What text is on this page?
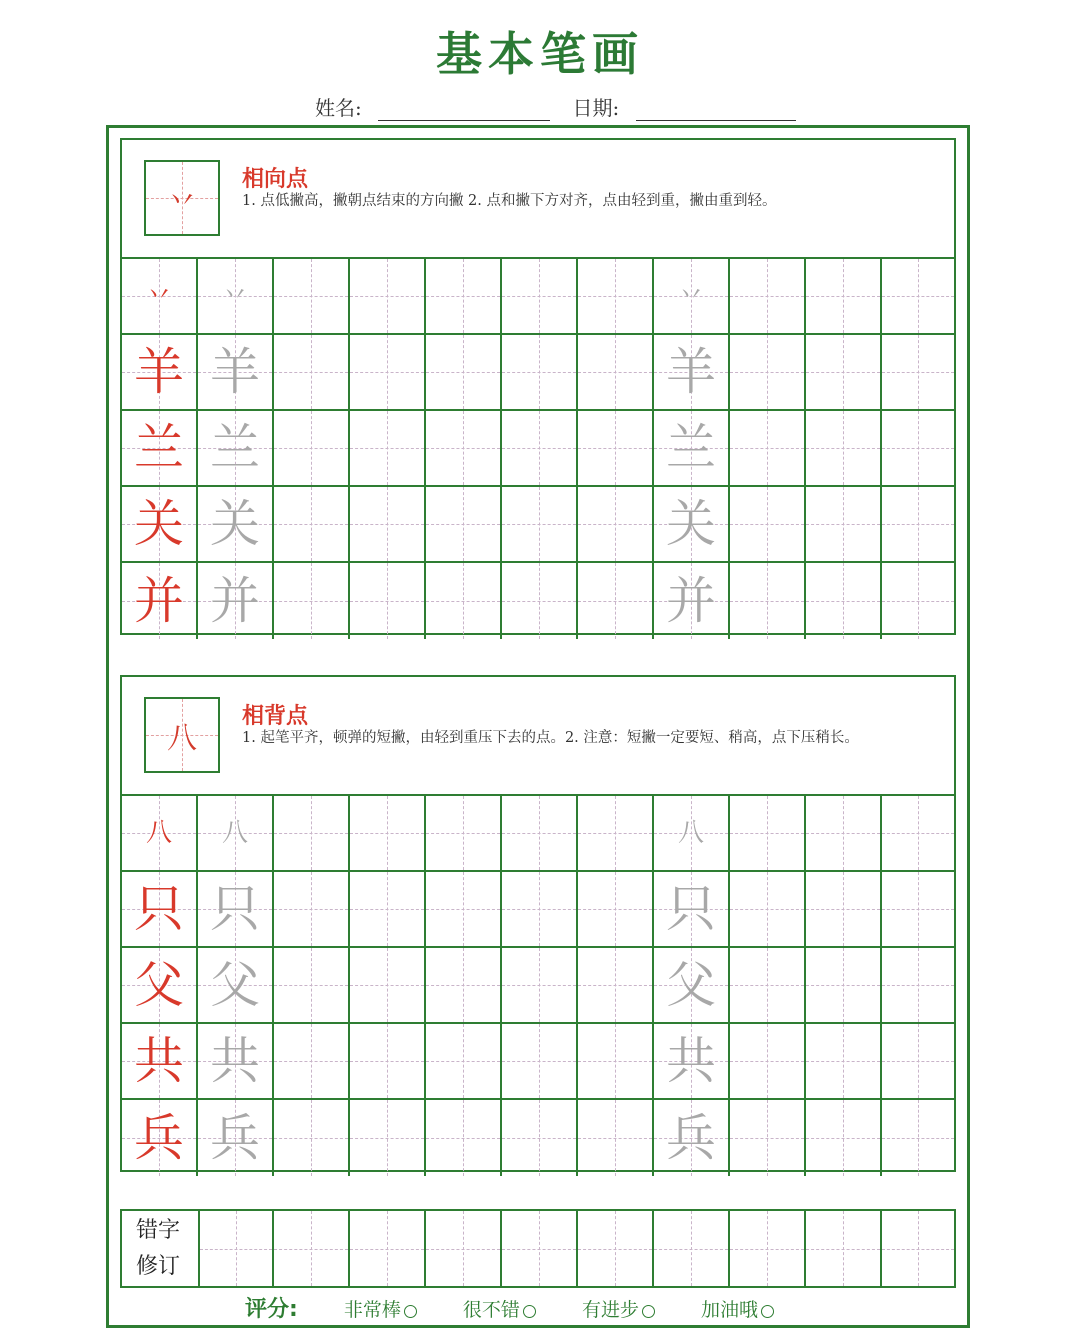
基本笔画
姓名:	日期:
丷
相向点
1. 点低撇高，撇朝点结束的方向撇 2. 点和撇下方对齐，点由轻到重，撇由重到轻。
丷	丷	丷
羊 羊	羊
兰 兰	兰
关 关	关
并 并	并
八
相背点
1. 起笔平齐，顿弹的短撇，由轻到重压下去的点。2. 注意：短撇一定要短、稍高，点下压稍长。
八	八	八
只 只	只
父 父	父
共 共	共
兵 兵	兵
错字
修订
评分: 非常棒	很不错	有进步	加油哦
